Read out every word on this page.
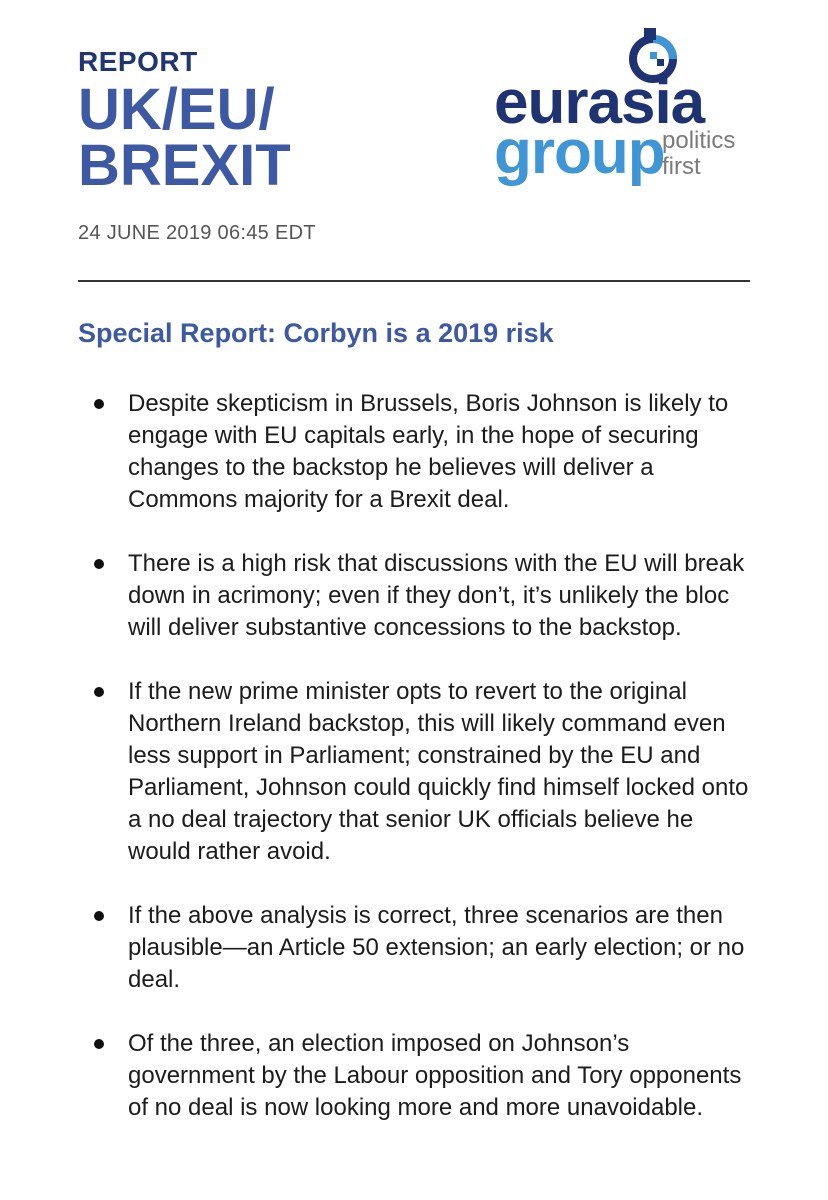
REPORT
UK/EU/
BREXIT
24 JUNE 2019 06:45 EDT
eurasia
group
politics
first
Special Report: Corbyn is a 2019 risk
Despite skepticism in Brussels, Boris Johnson is likely to engage with EU capitals early, in the hope of securing changes to the backstop he believes will deliver a Commons majority for a Brexit deal.
There is a high risk that discussions with the EU will break down in acrimony; even if they don’t, it’s unlikely the bloc will deliver substantive concessions to the backstop.
If the new prime minister opts to revert to the original Northern Ireland backstop, this will likely command even less support in Parliament; constrained by the EU and Parliament, Johnson could quickly find himself locked onto a no deal trajectory that senior UK officials believe he would rather avoid.
If the above analysis is correct, three scenarios are then plausible—an Article 50 extension; an early election; or no deal.
Of the three, an election imposed on Johnson’s government by the Labour opposition and Tory opponents of no deal is now looking more and more unavoidable.
